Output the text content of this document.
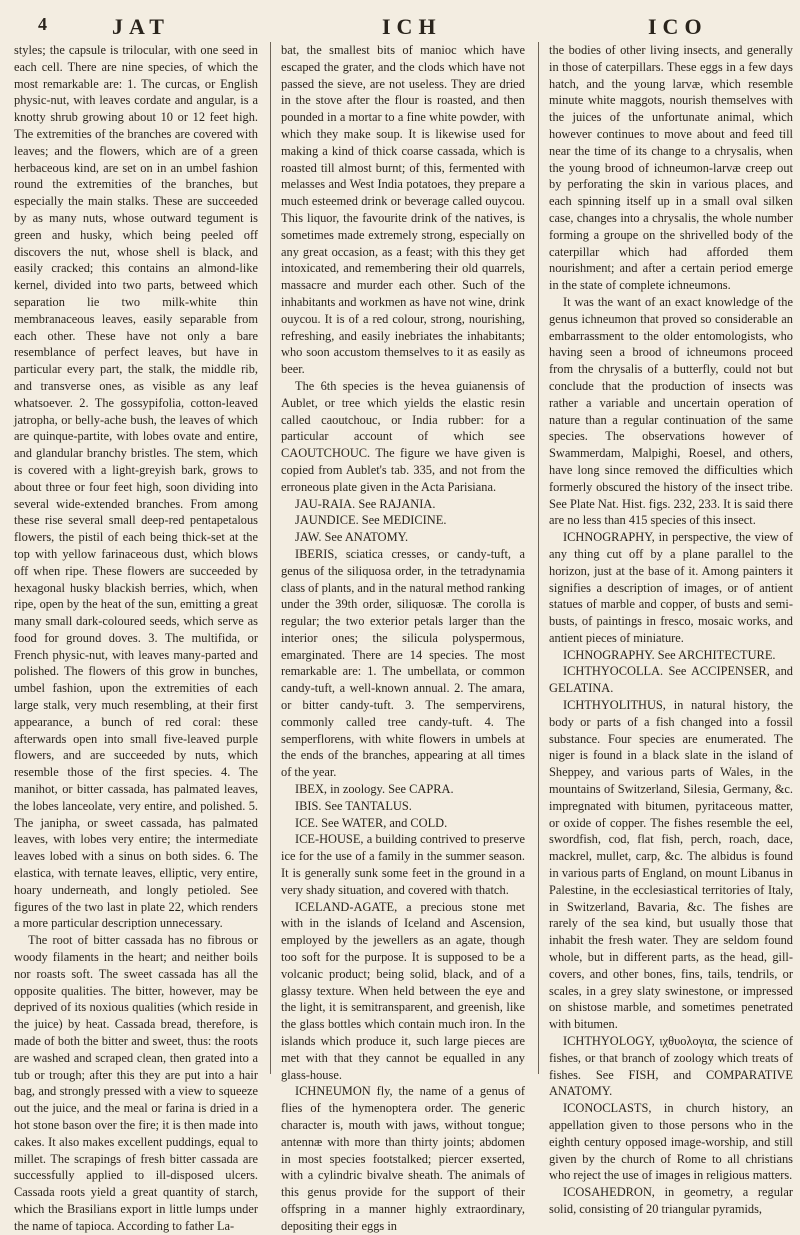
4	JAT	ICH	ICO

styles; the capsule is trilocular, with one seed in each cell. There are nine species, of which the most remarkable are: 1. The curcas, or English physic-nut, with leaves cordate and angular, is a knotty shrub growing about 10 or 12 feet high. The extremities of the branches are covered with leaves; and the flowers, which are of a green herbaceous kind, are set on in an umbel fashion round the extremities of the branches, but especially the main stalks. These are succeeded by as many nuts, whose outward tegument is green and husky, which being peeled off discovers the nut, whose shell is black, and easily cracked; this contains an almond-like kernel, divided into two parts, betweed which separation lie two milk-white thin membranaceous leaves, easily separable from each other. These have not only a bare resemblance of perfect leaves, but have in particular every part, the stalk, the middle rib, and transverse ones, as visible as any leaf whatsoever. 2. The gossypifolia, cotton-leaved jatropha, or belly-ache bush, the leaves of which are quinque-partite, with lobes ovate and entire, and glandular branchy bristles. The stem, which is covered with a light-greyish bark, grows to about three or four feet high, soon dividing into several wide-extended branches. From among these rise several small deep-red pentapetalous flowers, the pistil of each being thick-set at the top with yellow farinaceous dust, which blows off when ripe. These flowers are succeeded by hexagonal husky blackish berries, which, when ripe, open by the heat of the sun, emitting a great many small dark-coloured seeds, which serve as food for ground doves. 3. The multifida, or French physic-nut, with leaves many-parted and polished. The flowers of this grow in bunches, umbel fashion, upon the extremities of each large stalk, very much resembling, at their first appearance, a bunch of red coral: these afterwards open into small five-leaved purple flowers, and are succeeded by nuts, which resemble those of the first species. 4. The manihot, or bitter cassada, has palmated leaves, the lobes lanceolate, very entire, and polished. 5. The janipha, or sweet cassada, has palmated leaves, with lobes very entire; the intermediate leaves lobed with a sinus on both sides. 6. The elastica, with ternate leaves, elliptic, very entire, hoary underneath, and longly petioled. See figures of the two last in plate 22, which renders a more particular description unnecessary.

The root of bitter cassada has no fibrous or woody filaments in the heart; and neither boils nor roasts soft. The sweet cassada has all the opposite qualities. The bitter, however, may be deprived of its noxious qualities (which reside in the juice) by heat. Cassada bread, therefore, is made of both the bitter and sweet, thus: the roots are washed and scraped clean, then grated into a tub or trough; after this they are put into a hair bag, and strongly pressed with a view to squeeze out the juice, and the meal or farina is dried in a hot stone bason over the fire; it is then made into cakes. It also makes excellent puddings, equal to millet. The scrapings of fresh bitter cassada are successfully applied to ill-disposed ulcers. Cassada roots yield a great quantity of starch, which the Brasilians export in little lumps under the name of tapioca. According to father La-

bat, the smallest bits of manioc which have escaped the grater, and the clods which have not passed the sieve, are not useless. They are dried in the stove after the flour is roasted, and then pounded in a mortar to a fine white powder, with which they make soup. It is likewise used for making a kind of thick coarse cassada, which is roasted till almost burnt; of this, fermented with melasses and West India potatoes, they prepare a much esteemed drink or beverage called ouycou. This liquor, the favourite drink of the natives, is sometimes made extremely strong, especially on any great occasion, as a feast; with this they get intoxicated, and remembering their old quarrels, massacre and murder each other. Such of the inhabitants and workmen as have not wine, drink ouycou. It is of a red colour, strong, nourishing, refreshing, and easily inebriates the inhabitants; who soon accustom themselves to it as easily as beer.

The 6th species is the hevea guianensis of Aublet, or tree which yields the elastic resin called caoutchouc, or India rubber: for a particular account of which see CAOUTCHOUC. The figure we have given is copied from Aublet's tab. 335, and not from the erroneous plate given in the Acta Parisiana.

JAU-RAIA. See RAJANIA.

JAUNDICE. See MEDICINE.

JAW. See ANATOMY.

IBERIS, sciatica cresses, or candy-tuft, a genus of the siliquosa order, in the tetradynamia class of plants, and in the natural method ranking under the 39th order, siliquosæ. The corolla is regular; the two exterior petals larger than the interior ones; the silicula polyspermous, emarginated. There are 14 species. The most remarkable are: 1. The umbellata, or common candy-tuft, a well-known annual. 2. The amara, or bitter candy-tuft. 3. The sempervirens, commonly called tree candy-tuft. 4. The semperflorens, with white flowers in umbels at the ends of the branches, appearing at all times of the year.

IBEX, in zoology. See CAPRA.

IBIS. See TANTALUS.

ICE. See WATER, and COLD.

ICE-HOUSE, a building contrived to preserve ice for the use of a family in the summer season. It is generally sunk some feet in the ground in a very shady situation, and covered with thatch.

ICELAND-AGATE, a precious stone met with in the islands of Iceland and Ascension, employed by the jewellers as an agate, though too soft for the purpose. It is supposed to be a volcanic product; being solid, black, and of a glassy texture. When held between the eye and the light, it is semitransparent, and greenish, like the glass bottles which contain much iron. In the islands which produce it, such large pieces are met with that they cannot be equalled in any glass-house.

ICHNEUMON fly, the name of a genus of flies of the hymenoptera order. The generic character is, mouth with jaws, without tongue; antennæ with more than thirty joints; abdomen in most species footstalked; piercer exserted, with a cylindric bivalve sheath. The animals of this genus provide for the support of their offspring in a manner highly extraordinary, depositing their eggs in

the bodies of other living insects, and generally in those of caterpillars. These eggs in a few days hatch, and the young larvæ, which resemble minute white maggots, nourish themselves with the juices of the unfortunate animal, which however continues to move about and feed till near the time of its change to a chrysalis, when the young brood of ichneumon-larvæ creep out by perforating the skin in various places, and each spinning itself up in a small oval silken case, changes into a chrysalis, the whole number forming a groupe on the shrivelled body of the caterpillar which had afforded them nourishment; and after a certain period emerge in the state of complete ichneumons.

It was the want of an exact knowledge of the genus ichneumon that proved so considerable an embarrassment to the older entomologists, who having seen a brood of ichneumons proceed from the chrysalis of a butterfly, could not but conclude that the production of insects was rather a variable and uncertain operation of nature than a regular continuation of the same species. The observations however of Swammerdam, Malpighi, Roesel, and others, have long since removed the difficulties which formerly obscured the history of the insect tribe. See Plate Nat. Hist. figs. 232, 233. It is said there are no less than 415 species of this insect.

ICHNOGRAPHY, in perspective, the view of any thing cut off by a plane parallel to the horizon, just at the base of it. Among painters it signifies a description of images, or of antient statues of marble and copper, of busts and semi-busts, of paintings in fresco, mosaic works, and antient pieces of miniature.

ICHNOGRAPHY. See ARCHITECTURE.

ICHTHYOCOLLA. See ACCIPENSER, and GELATINA.

ICHTHYOLITHUS, in natural history, the body or parts of a fish changed into a fossil substance. Four species are enumerated. The niger is found in a black slate in the island of Sheppey, and various parts of Wales, in the mountains of Switzerland, Silesia, Germany, &c. impregnated with bitumen, pyritaceous matter, or oxide of copper. The fishes resemble the eel, swordfish, cod, flat fish, perch, roach, dace, mackrel, mullet, carp, &c. The albidus is found in various parts of England, on mount Libanus in Palestine, in the ecclesiastical territories of Italy, in Switzerland, Bavaria, &c. The fishes are rarely of the sea kind, but usually those that inhabit the fresh water. They are seldom found whole, but in different parts, as the head, gill-covers, and other bones, fins, tails, tendrils, or scales, in a grey slaty swinestone, or impressed on shistose marble, and sometimes penetrated with bitumen.

ICHTHYOLOGY, ιχθυολογια, the science of fishes, or that branch of zoology which treats of fishes. See FISH, and COMPARATIVE ANATOMY.

ICONOCLASTS, in church history, an appellation given to those persons who in the eighth century opposed image-worship, and still given by the church of Rome to all christians who reject the use of images in religious matters.

ICOSAHEDRON, in geometry, a regular solid, consisting of 20 triangular pyramids,
